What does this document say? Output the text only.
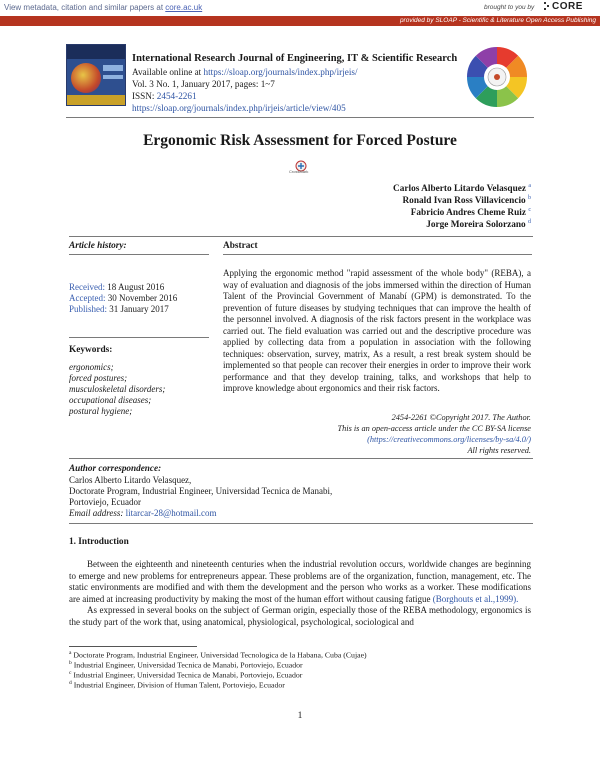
View metadata, citation and similar papers at core.ac.uk	brought to you by CORE
provided by SLOAP - Scientific & Literature Open Access Publishing
International Research Journal of Engineering, IT & Scientific Research
Available online at https://sloap.org/journals/index.php/irjeis/
Vol. 3 No. 1, January 2017, pages: 1~7
ISSN: 2454-2261
https://sloap.org/journals/index.php/irjeis/article/view/405
Ergonomic Risk Assessment for Forced Posture
CrossMark
Carlos Alberto Litardo Velasquez $^a$
Ronald Ivan Ross Villavicencio $^b$
Fabricio Andres Cheme Ruiz $^c$
Jorge Moreira Solorzano $^d$
Article history:	Abstract
Received: 18 August 2016
Accepted: 30 November 2016
Published: 31 January 2017
Keywords:
ergonomics;
forced postures;
musculoskeletal disorders;
occupational diseases;
postural hygiene;
Applying the ergonomic method "rapid assessment of the whole body" (REBA), a way of evaluation and diagnosis of the jobs immersed within the direction of Human Talent of the Provincial Government of Manabí (GPM) is demonstrated. To the prevention of future diseases by studying techniques that can improve the health of the personnel involved. A diagnosis of the risk factors present in the workplace was carried out. The field evaluation was carried out and the descriptive procedure was applied by collecting data from a population in association with the following techniques: observation, survey, matrix, As a result, a rest break system should be implemented so that people can recover their energies in order to improve their work performance and that they develop training, talks, and workshops that help to improve knowledge about ergonomics and their risk factors.
2454-2261 ©Copyright 2017. The Author.
This is an open-access article under the CC BY-SA license
(https://creativecommons.org/licenses/by-sa/4.0/)
All rights reserved.
Author correspondence:
Carlos Alberto Litardo Velasquez,
Doctorate Program, Industrial Engineer, Universidad Tecnica de Manabi,
Portoviejo, Ecuador
Email address: litarcar-28@hotmail.com
1. Introduction
Between the eighteenth and nineteenth centuries when the industrial revolution occurs, worldwide changes are beginning to emerge and new problems for entrepreneurs appear. These problems are of the organization, function, management, etc. The static environments are modified and with them the development and the person who works as a worker. These modifications are aimed at increasing productivity by making the most of the human effort without causing fatigue (Borghouts et al.,1999).
As expressed in several books on the subject of German origin, especially those of the REBA methodology, ergonomics is the study part of the work that, using anatomical, physiological, psychological, sociological and
$^a$ Doctorate Program, Industrial Engineer, Universidad Tecnologica de la Habana, Cuba (Cujae)
$^b$ Industrial Engineer, Universidad Tecnica de Manabi, Portoviejo, Ecuador
$^c$ Industrial Engineer, Universidad Tecnica de Manabi, Portoviejo, Ecuador
$^d$ Industrial Engineer, Division of Human Talent, Portoviejo, Ecuador
1
